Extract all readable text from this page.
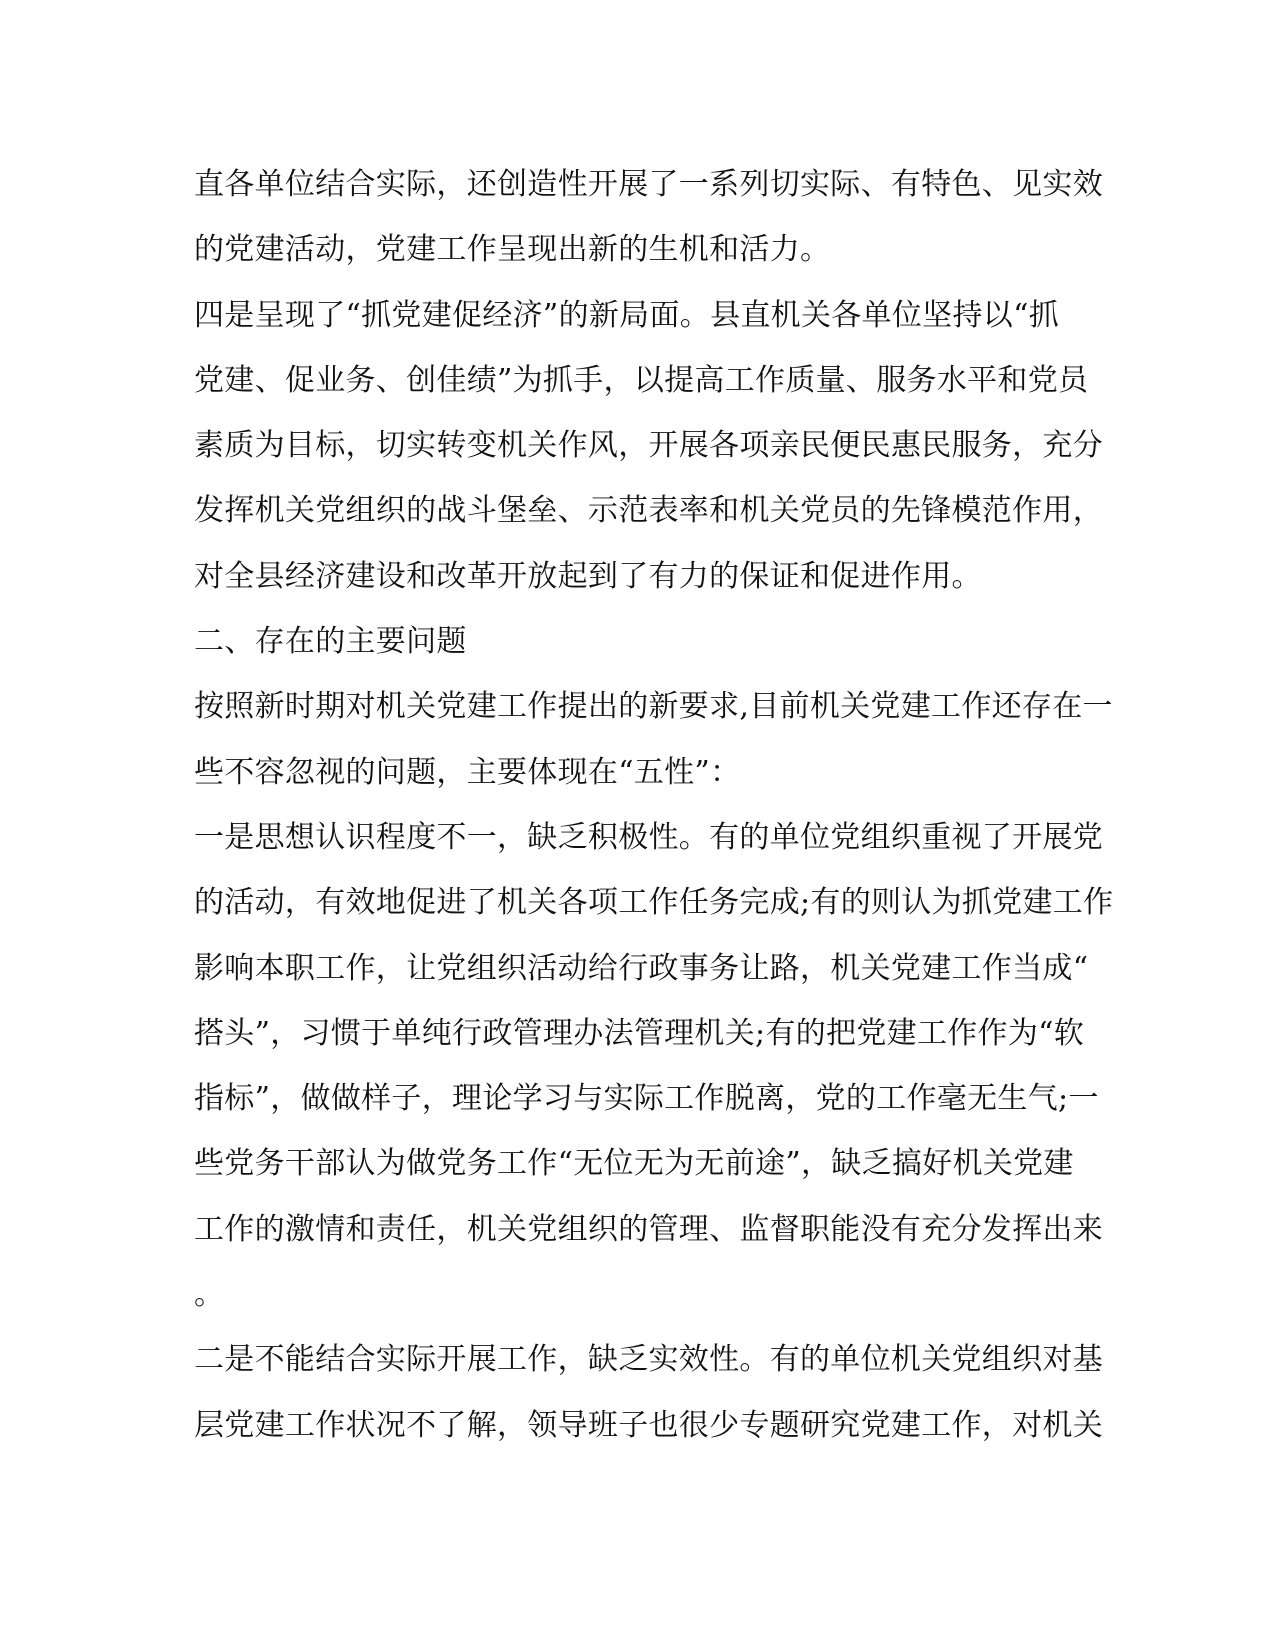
直各单位结合实际，还创造性开展了一系列切实际、有特色、见实效
的党建活动，党建工作呈现出新的生机和活力。
四是呈现了“抓党建促经济”的新局面。县直机关各单位坚持以“抓
党建、促业务、创佳绩”为抓手，以提高工作质量、服务水平和党员
素质为目标，切实转变机关作风，开展各项亲民便民惠民服务，充分
发挥机关党组织的战斗堡垒、示范表率和机关党员的先锋模范作用，
对全县经济建设和改革开放起到了有力的保证和促进作用。
二、存在的主要问题
按照新时期对机关党建工作提出的新要求,目前机关党建工作还存在一
些不容忽视的问题，主要体现在“五性”：
一是思想认识程度不一，缺乏积极性。有的单位党组织重视了开展党
的活动，有效地促进了机关各项工作任务完成;有的则认为抓党建工作
影响本职工作，让党组织活动给行政事务让路，机关党建工作当成“
搭头”，习惯于单纯行政管理办法管理机关;有的把党建工作作为“软
指标”，做做样子，理论学习与实际工作脱离，党的工作毫无生气;一
些党务干部认为做党务工作“无位无为无前途”，缺乏搞好机关党建
工作的激情和责任，机关党组织的管理、监督职能没有充分发挥出来
。
二是不能结合实际开展工作，缺乏实效性。有的单位机关党组织对基
层党建工作状况不了解，领导班子也很少专题研究党建工作，对机关
